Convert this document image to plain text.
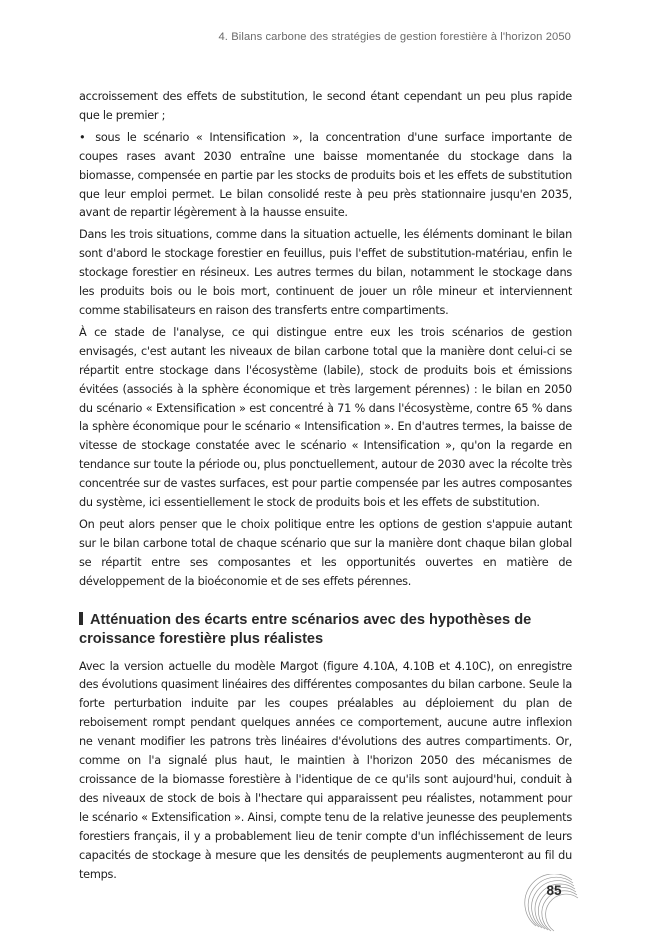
4. Bilans carbone des stratégies de gestion forestière à l'horizon 2050

accroissement des effets de substitution, le second étant cependant un peu plus rapide que le premier ;

• sous le scénario « Intensification », la concentration d'une surface importante de coupes rases avant 2030 entraîne une baisse momentanée du stockage dans la biomasse, compensée en partie par les stocks de produits bois et les effets de substitution que leur emploi permet. Le bilan consolidé reste à peu près stationnaire jusqu'en 2035, avant de repartir légèrement à la hausse ensuite.

Dans les trois situations, comme dans la situation actuelle, les éléments dominant le bilan sont d'abord le stockage forestier en feuillus, puis l'effet de substitution-matériau, enfin le stockage forestier en résineux. Les autres termes du bilan, notamment le stockage dans les produits bois ou le bois mort, continuent de jouer un rôle mineur et interviennent comme stabilisateurs en raison des transferts entre compartiments.

À ce stade de l'analyse, ce qui distingue entre eux les trois scénarios de gestion envisagés, c'est autant les niveaux de bilan carbone total que la manière dont celui-ci se répartit entre stockage dans l'écosystème (labile), stock de produits bois et émissions évitées (associés à la sphère économique et très largement pérennes) : le bilan en 2050 du scénario « Extensification » est concentré à 71 % dans l'écosystème, contre 65 % dans la sphère économique pour le scénario « Intensification ». En d'autres termes, la baisse de vitesse de stockage constatée avec le scénario « Intensification », qu'on la regarde en tendance sur toute la période ou, plus ponctuellement, autour de 2030 avec la récolte très concentrée sur de vastes surfaces, est pour partie compensée par les autres composantes du système, ici essentiellement le stock de produits bois et les effets de substitution.

On peut alors penser que le choix politique entre les options de gestion s'appuie autant sur le bilan carbone total de chaque scénario que sur la manière dont chaque bilan global se répartit entre ses composantes et les opportunités ouvertes en matière de développement de la bioéconomie et de ses effets pérennes.

Atténuation des écarts entre scénarios avec des hypothèses de croissance forestière plus réalistes

Avec la version actuelle du modèle Margot (figure 4.10A, 4.10B et 4.10C), on enregistre des évolutions quasiment linéaires des différentes composantes du bilan carbone. Seule la forte perturbation induite par les coupes préalables au déploiement du plan de reboisement rompt pendant quelques années ce comportement, aucune autre inflexion ne venant modifier les patrons très linéaires d'évolutions des autres compartiments. Or, comme on l'a signalé plus haut, le maintien à l'horizon 2050 des mécanismes de croissance de la biomasse forestière à l'identique de ce qu'ils sont aujourd'hui, conduit à des niveaux de stock de bois à l'hectare qui apparaissent peu réalistes, notamment pour le scénario « Extensification ». Ainsi, compte tenu de la relative jeunesse des peuplements forestiers français, il y a probablement lieu de tenir compte d'un infléchissement de leurs capacités de stockage à mesure que les densités de peuplements augmenteront au fil du temps.

85
